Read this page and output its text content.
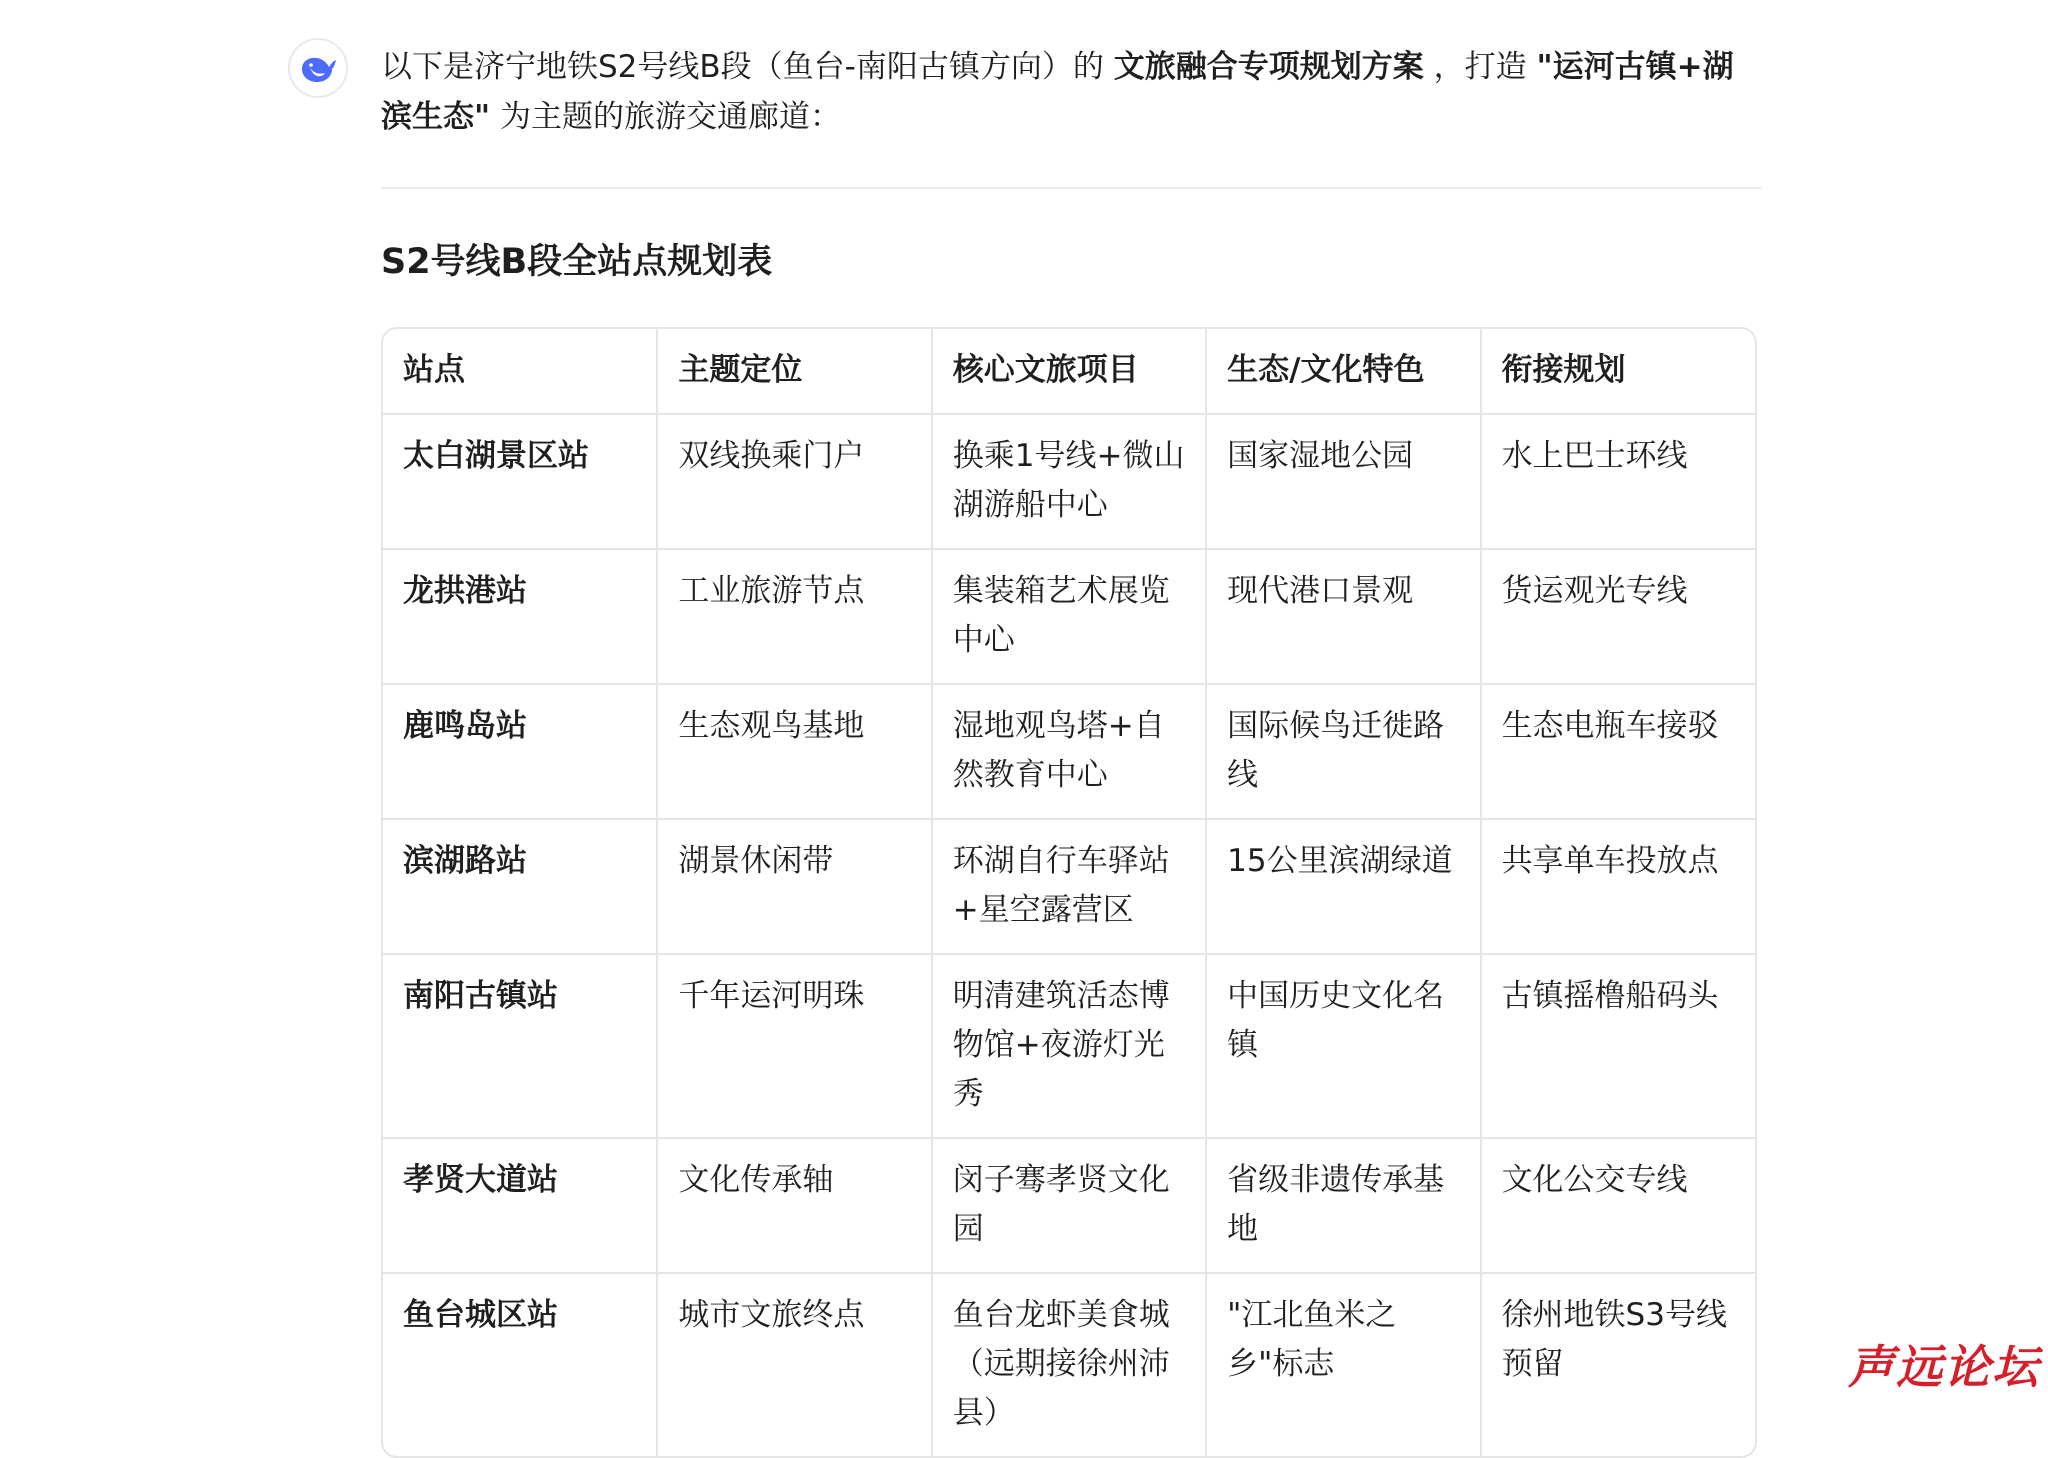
以下是济宁地铁S2号线B段（鱼台-南阳古镇方向）的 文旅融合专项规划方案 ，打造 "运河古镇+湖滨生态" 为主题的旅游交通廊道：

S2号线B段全站点规划表
站点	主题定位	核心文旅项目	生态/文化特色	衔接规划
太白湖景区站	双线换乘门户	换乘1号线+微山湖游船中心	国家湿地公园	水上巴士环线
龙拱港站	工业旅游节点	集装箱艺术展览中心	现代港口景观	货运观光专线
鹿鸣岛站	生态观鸟基地	湿地观鸟塔+自然教育中心	国际候鸟迁徙路线	生态电瓶车接驳
滨湖路站	湖景休闲带	环湖自行车驿站+星空露营区	15公里滨湖绿道	共享单车投放点
南阳古镇站	千年运河明珠	明清建筑活态博物馆+夜游灯光秀	中国历史文化名镇	古镇摇橹船码头
孝贤大道站	文化传承轴	闵子骞孝贤文化园	省级非遗传承基地	文化公交专线
鱼台城区站	城市文旅终点	鱼台龙虾美食城（远期接徐州沛县）	"江北鱼米之乡"标志	徐州地铁S3号线预留	声远论坛
